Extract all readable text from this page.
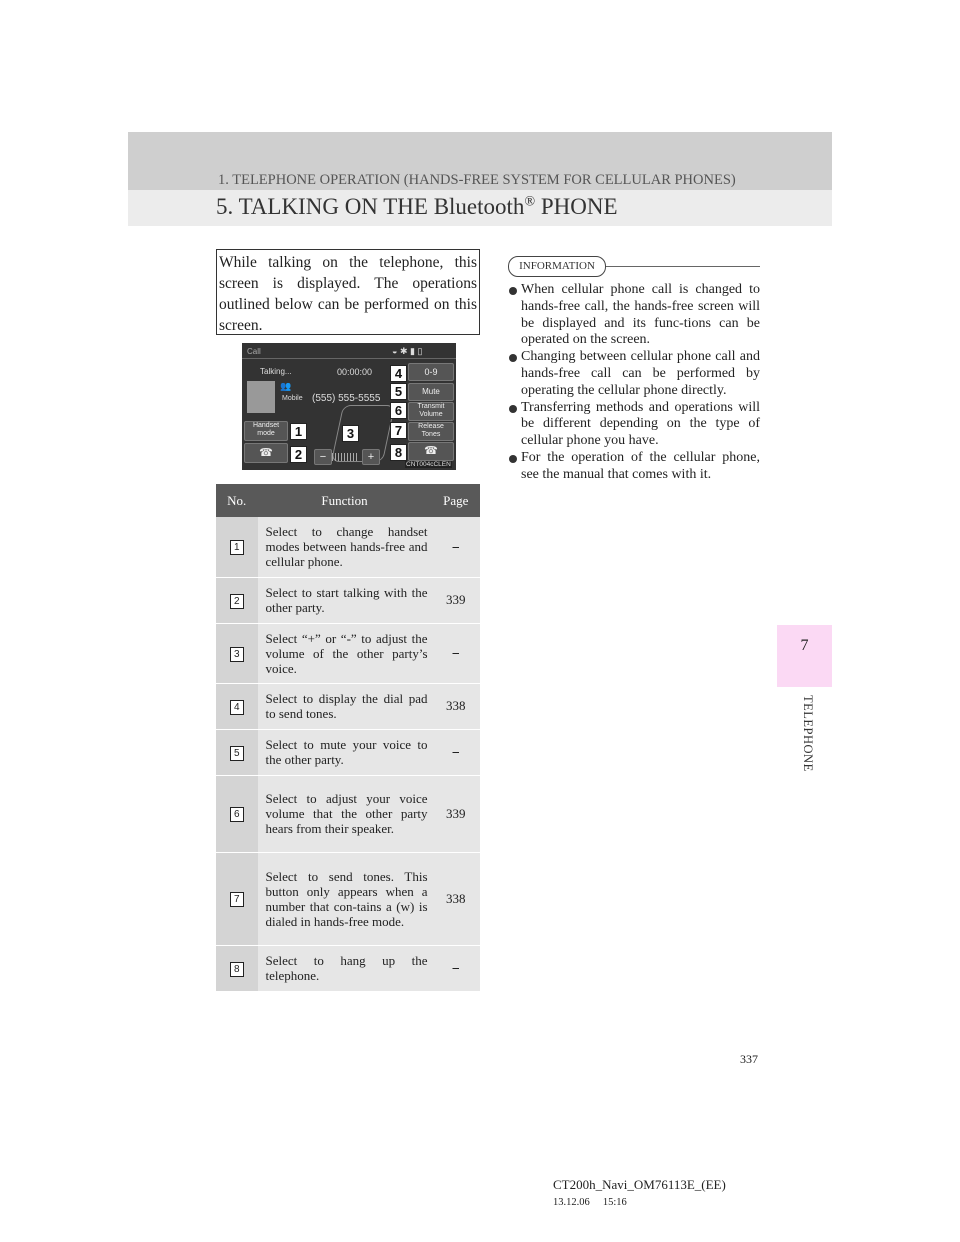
1. TELEPHONE OPERATION (HANDS-FREE SYSTEM FOR CELLULAR PHONES)
5. TALKING ON THE Bluetooth® PHONE
7
TELEPHONE

While talking on the telephone, this screen is displayed. The operations outlined below can be performed on this screen.

Call	◒ ✱ ▮ ▯
Talking...	00:00:00
👥
Mobile (555) 555-5555
Handset mode
☎	−	+
0-9
Mute
Transmit Volume
Release Tones
☎
CNT004cCLEN
1
2
3
4
5
6
7
8
No.	Function	Page
1	Select to change handset modes between hands-free and cellular phone.	⎯
2	Select to start talking with the other party.	339
3	Select “+” or “-” to adjust the volume of the other party’s voice.	⎯
4	Select to display the dial pad to send tones.	338
5	Select to mute your voice to the other party.	⎯
6	Select to adjust your voice volume that the other party hears from their speaker.	339
7	Select to send tones. This button only appears when a number that con-tains a (w) is dialed in hands-free mode.	338
8	Select to hang up the telephone.	⎯
INFORMATION
When cellular phone call is changed to hands-free call, the hands-free screen will be displayed and its func-tions can be operated on the screen.
Changing between cellular phone call and hands-free call can be performed by operating the cellular phone directly.
Transferring methods and operations will be different depending on the type of cellular phone you have.
For the operation of the cellular phone, see the manual that comes with it.
337
CT200h_Navi_OM76113E_(EE)
13.12.06     15:16
